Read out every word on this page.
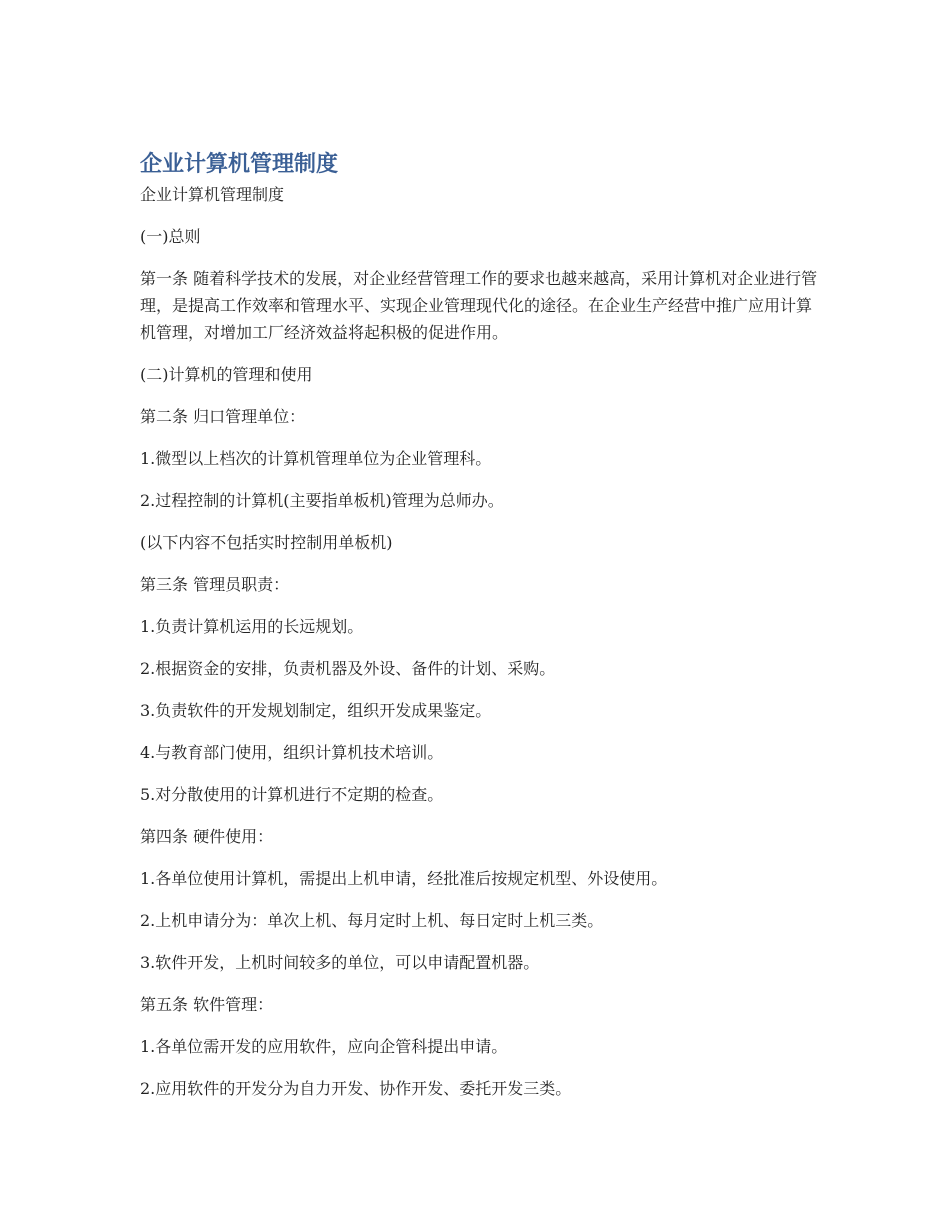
企业计算机管理制度

企业计算机管理制度

(一)总则

第一条 随着科学技术的发展，对企业经营管理工作的要求也越来越高，采用计算机对企业进行管理，是提高工作效率和管理水平、实现企业管理现代化的途径。在企业生产经营中推广应用计算机管理，对增加工厂经济效益将起积极的促进作用。

(二)计算机的管理和使用

第二条 归口管理单位：

1.微型以上档次的计算机管理单位为企业管理科。

2.过程控制的计算机(主要指单板机)管理为总师办。

(以下内容不包括实时控制用单板机)

第三条 管理员职责：

1.负责计算机运用的长远规划。

2.根据资金的安排，负责机器及外设、备件的计划、采购。

3.负责软件的开发规划制定，组织开发成果鉴定。

4.与教育部门使用，组织计算机技术培训。

5.对分散使用的计算机进行不定期的检查。

第四条 硬件使用：

1.各单位使用计算机，需提出上机申请，经批准后按规定机型、外设使用。

2.上机申请分为：单次上机、每月定时上机、每日定时上机三类。

3.软件开发，上机时间较多的单位，可以申请配置机器。

第五条 软件管理：

1.各单位需开发的应用软件，应向企管科提出申请。

2.应用软件的开发分为自力开发、协作开发、委托开发三类。
